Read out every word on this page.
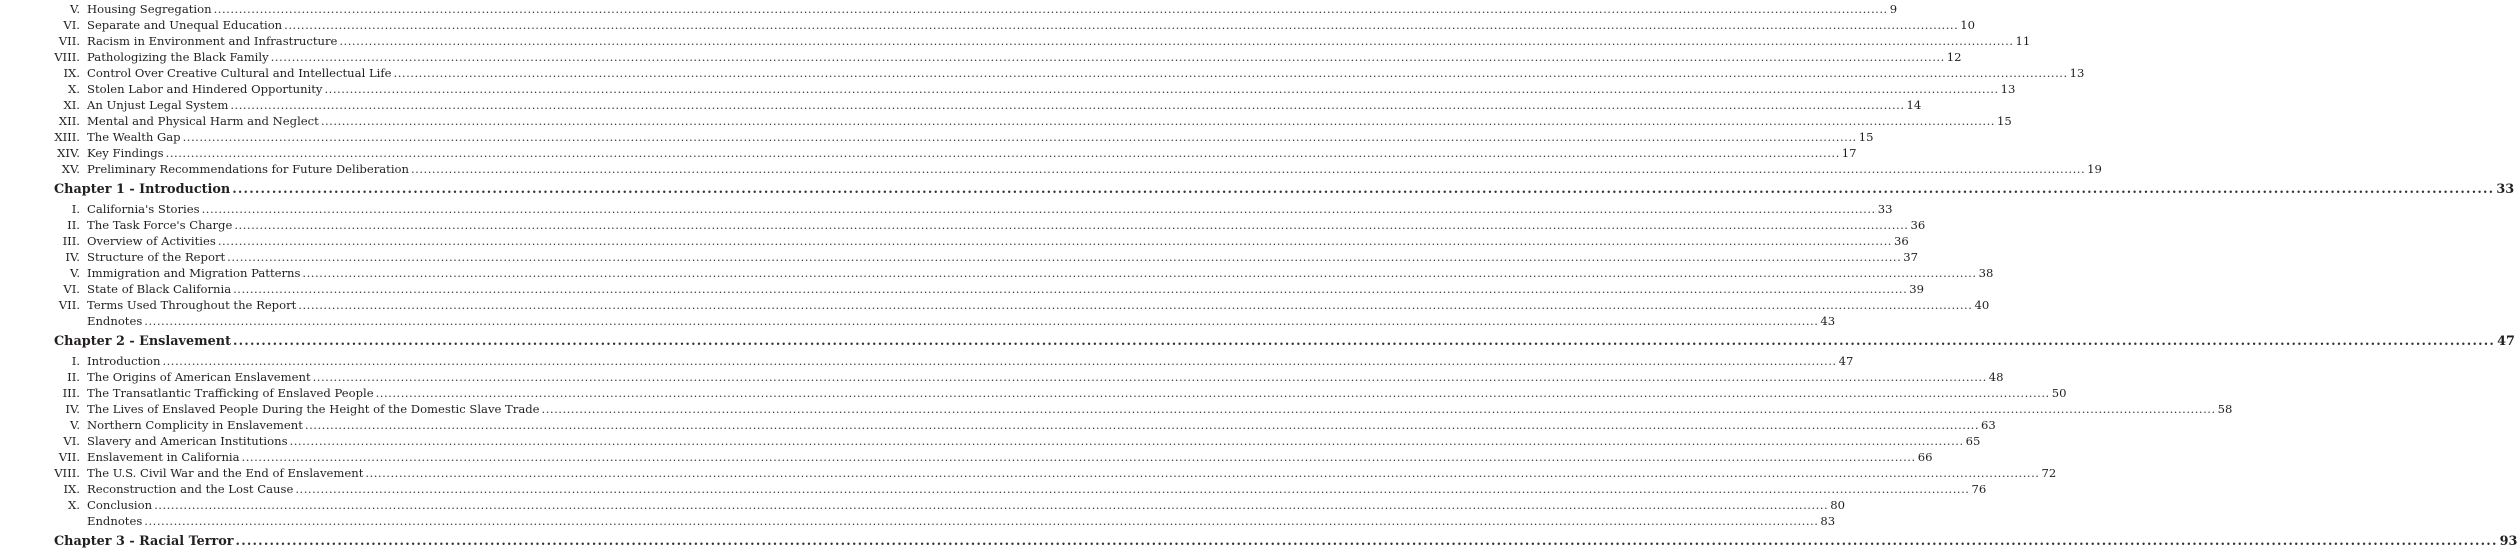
V. Housing Segregation ................................................................................................................................................................................................................................................................................................................................................................................................................ 9
VI. Separate and Unequal Education ................................................................................................................................................................................................................................................................................................................................................................................................................ 10
VII. Racism in Environment and Infrastructure ................................................................................................................................................................................................................................................................................................................................................................................................................ 11
VIII. Pathologizing the Black Family ................................................................................................................................................................................................................................................................................................................................................................................................................ 12
IX. Control Over Creative Cultural and Intellectual Life ................................................................................................................................................................................................................................................................................................................................................................................................................ 13
X. Stolen Labor and Hindered Opportunity ................................................................................................................................................................................................................................................................................................................................................................................................................ 13
XI. An Unjust Legal System ................................................................................................................................................................................................................................................................................................................................................................................................................ 14
XII. Mental and Physical Harm and Neglect ................................................................................................................................................................................................................................................................................................................................................................................................................ 15
XIII. The Wealth Gap ................................................................................................................................................................................................................................................................................................................................................................................................................ 15
XIV. Key Findings ................................................................................................................................................................................................................................................................................................................................................................................................................ 17
XV. Preliminary Recommendations for Future Deliberation ................................................................................................................................................................................................................................................................................................................................................................................................................ 19
Chapter 1 - Introduction ................................................................................................................................................................................................................................................................................................................................................................................................................ 33
I. California's Stories ................................................................................................................................................................................................................................................................................................................................................................................................................ 33
II. The Task Force's Charge ................................................................................................................................................................................................................................................................................................................................................................................................................ 36
III. Overview of Activities ................................................................................................................................................................................................................................................................................................................................................................................................................ 36
IV. Structure of the Report ................................................................................................................................................................................................................................................................................................................................................................................................................ 37
V. Immigration and Migration Patterns ................................................................................................................................................................................................................................................................................................................................................................................................................ 38
VI. State of Black California ................................................................................................................................................................................................................................................................................................................................................................................................................ 39
VII. Terms Used Throughout the Report ................................................................................................................................................................................................................................................................................................................................................................................................................ 40
Endnotes ................................................................................................................................................................................................................................................................................................................................................................................................................ 43
Chapter 2 - Enslavement ................................................................................................................................................................................................................................................................................................................................................................................................................ 47
I. Introduction ................................................................................................................................................................................................................................................................................................................................................................................................................ 47
II. The Origins of American Enslavement ................................................................................................................................................................................................................................................................................................................................................................................................................ 48
III. The Transatlantic Trafficking of Enslaved People ................................................................................................................................................................................................................................................................................................................................................................................................................ 50
IV. The Lives of Enslaved People During the Height of the Domestic Slave Trade ................................................................................................................................................................................................................................................................................................................................................................................................................ 58
V. Northern Complicity in Enslavement ................................................................................................................................................................................................................................................................................................................................................................................................................ 63
VI. Slavery and American Institutions ................................................................................................................................................................................................................................................................................................................................................................................................................ 65
VII. Enslavement in California ................................................................................................................................................................................................................................................................................................................................................................................................................ 66
VIII. The U.S. Civil War and the End of Enslavement ................................................................................................................................................................................................................................................................................................................................................................................................................ 72
IX. Reconstruction and the Lost Cause ................................................................................................................................................................................................................................................................................................................................................................................................................ 76
X. Conclusion ................................................................................................................................................................................................................................................................................................................................................................................................................ 80
Endnotes ................................................................................................................................................................................................................................................................................................................................................................................................................ 83
Chapter 3 - Racial Terror ................................................................................................................................................................................................................................................................................................................................................................................................................ 93
